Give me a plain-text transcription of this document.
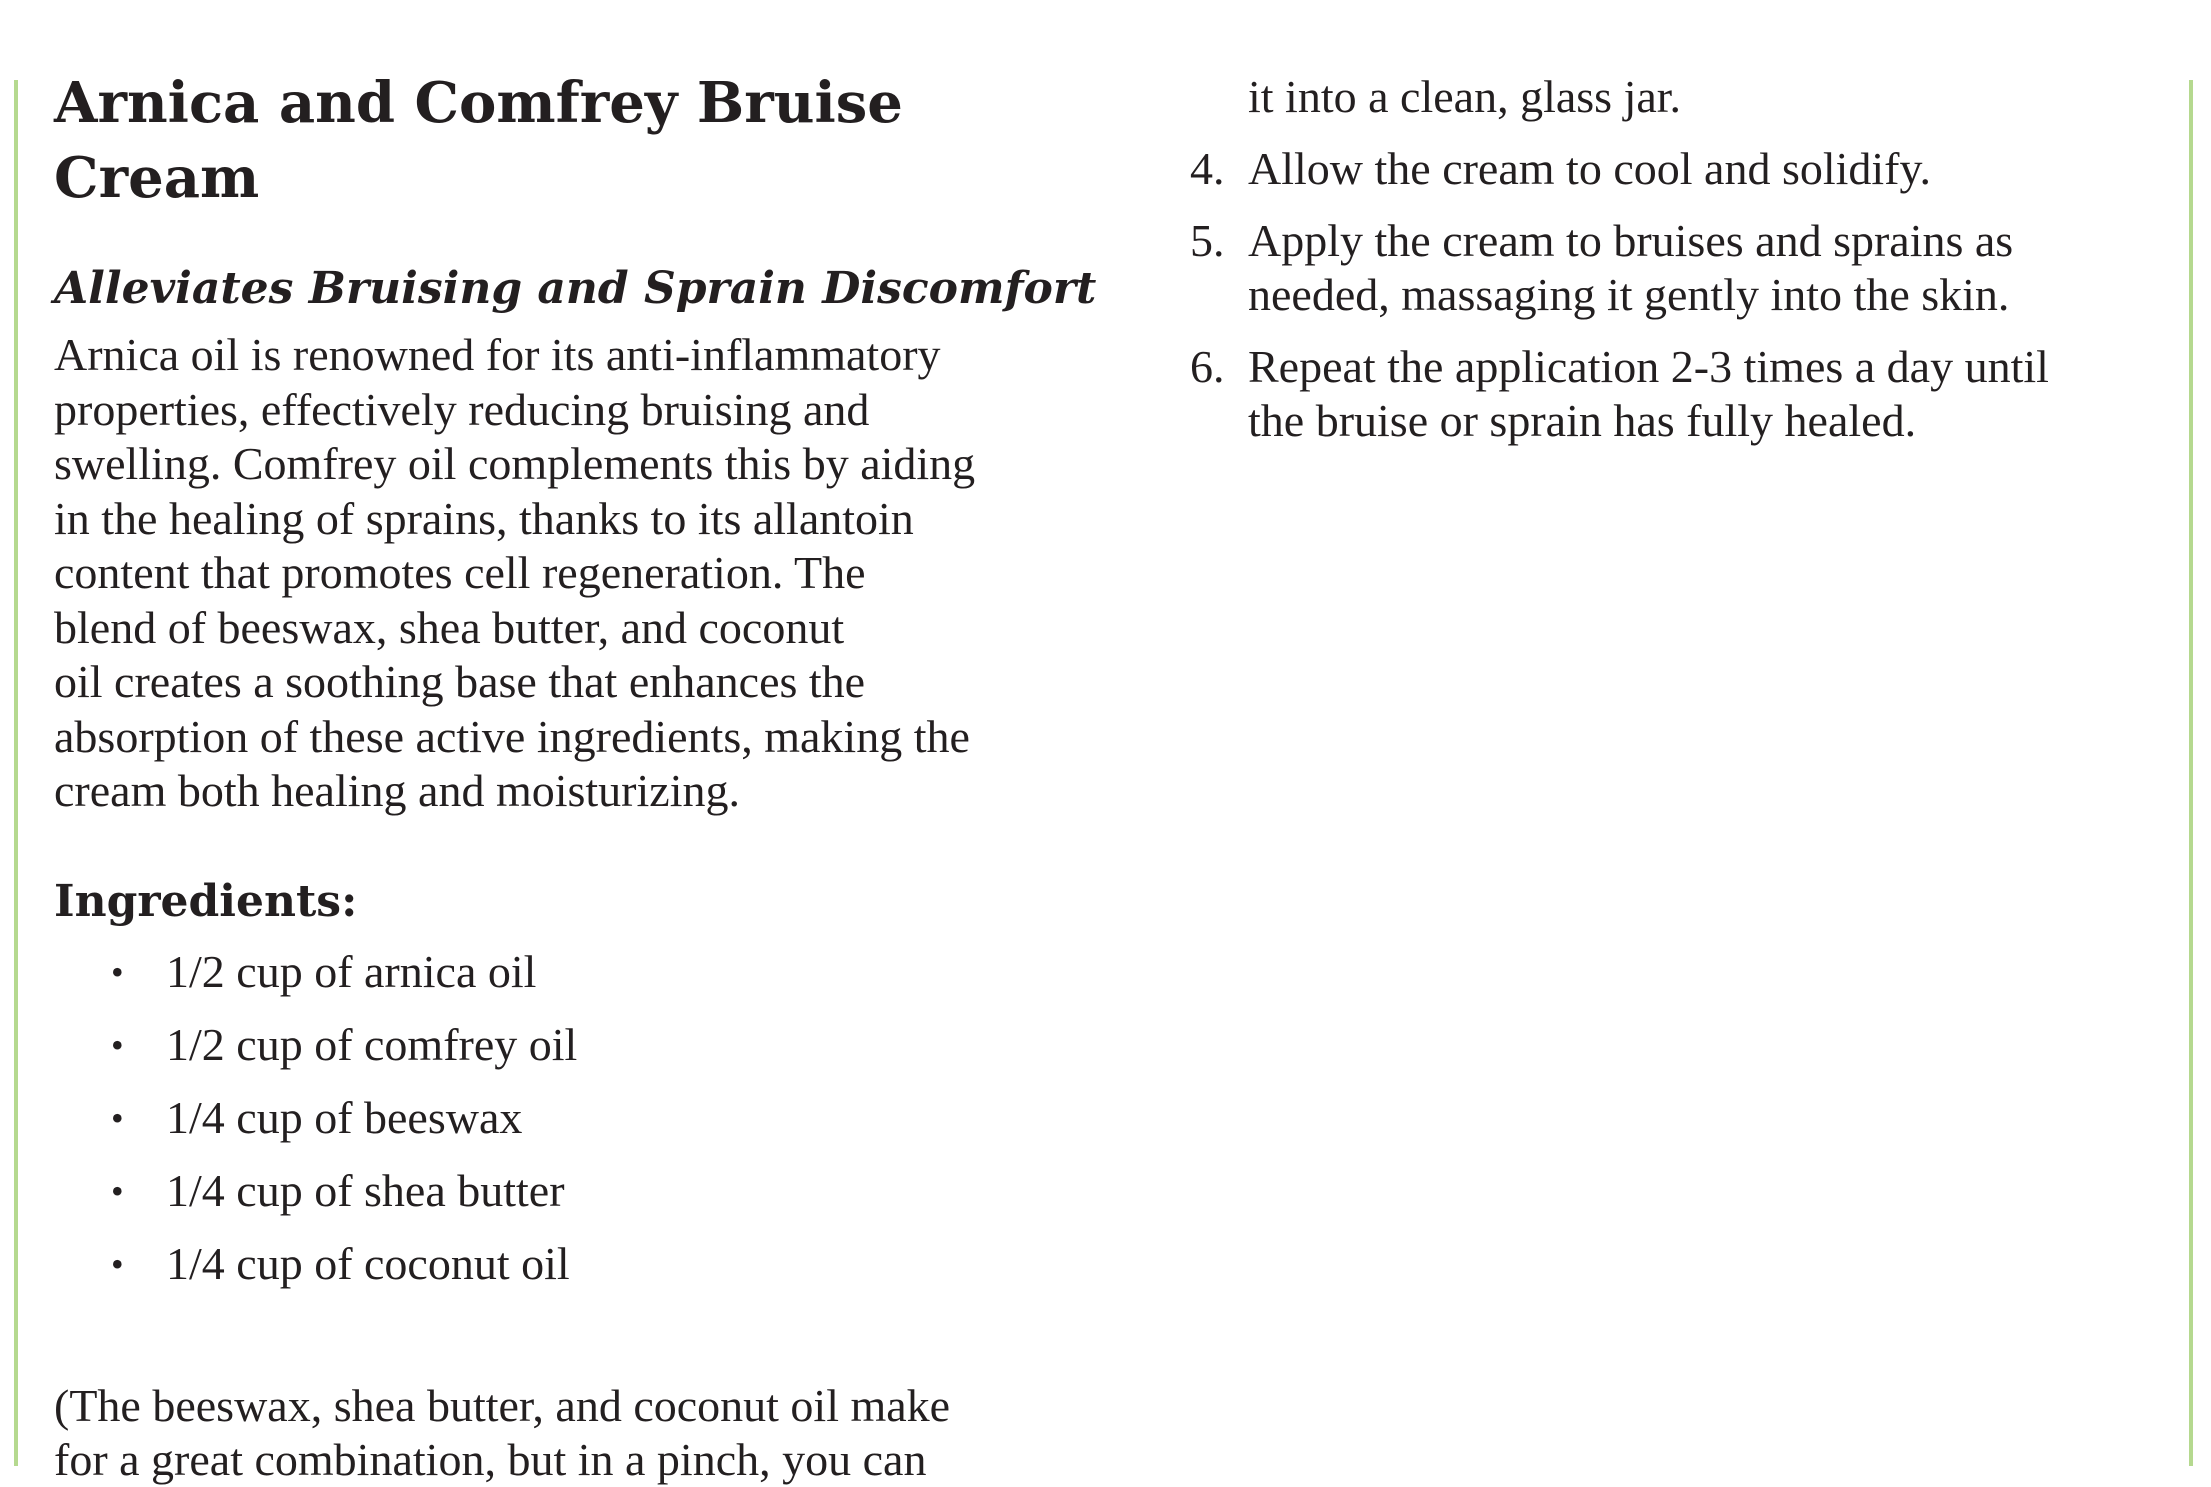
Arnica and Comfrey Bruise
Cream
Alleviates Bruising and Sprain Discomfort

Arnica oil is renowned for its anti-inflammatory
properties, effectively reducing bruising and
swelling. Comfrey oil complements this by aiding
in the healing of sprains, thanks to its allantoin
content that promotes cell regeneration. The
blend of beeswax, shea butter, and coconut
oil creates a soothing base that enhances the
absorption of these active ingredients, making the
cream both healing and moisturizing.

Ingredients:
• 1/2 cup of arnica oil
• 1/2 cup of comfrey oil
• 1/4 cup of beeswax
• 1/4 cup of shea butter
• 1/4 cup of coconut oil

(The beeswax, shea butter, and coconut oil make
for a great combination, but in a pinch, you can

it into a clean, glass jar.

4. Allow the cream to cool and solidify.
5. Apply the cream to bruises and sprains as
needed, massaging it gently into the skin.
6. Repeat the application 2-3 times a day until
the bruise or sprain has fully healed.
